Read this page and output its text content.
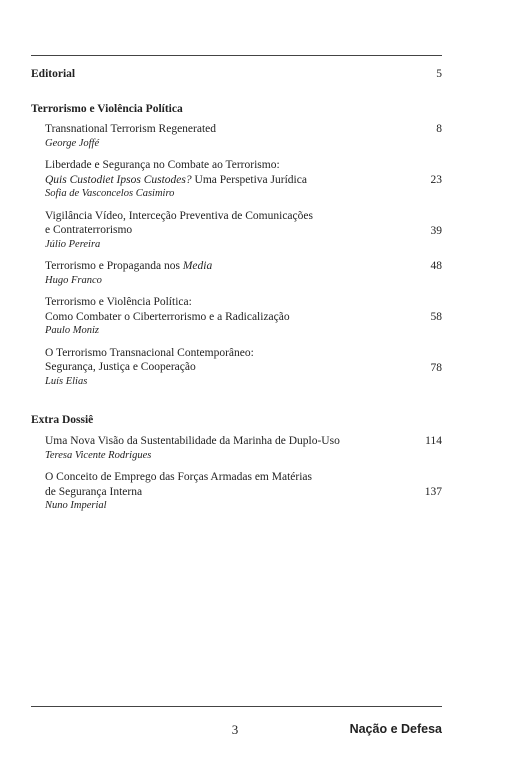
Editorial	5
Terrorismo e Violência Política
Transnational Terrorism Regenerated
George Joffé
8
Liberdade e Segurança no Combate ao Terrorismo:
Quis Custodiet Ipsos Custodes? Uma Perspetiva Jurídica
Sofia de Vasconcelos Casimiro
23
Vigilância Vídeo, Interceção Preventiva de Comunicações
e Contraterrorismo
Júlio Pereira
39
Terrorismo e Propaganda nos Media
Hugo Franco
48
Terrorismo e Violência Política:
Como Combater o Ciberterrorismo e a Radicalização
Paulo Moniz
58
O Terrorismo Transnacional Contemporâneo:
Segurança, Justiça e Cooperação
Luís Elias
78
Extra Dossiê
Uma Nova Visão da Sustentabilidade da Marinha de Duplo-Uso
Teresa Vicente Rodrigues
114
O Conceito de Emprego das Forças Armadas em Matérias
de Segurança Interna
Nuno Imperial
137
3	Nação e Defesa
